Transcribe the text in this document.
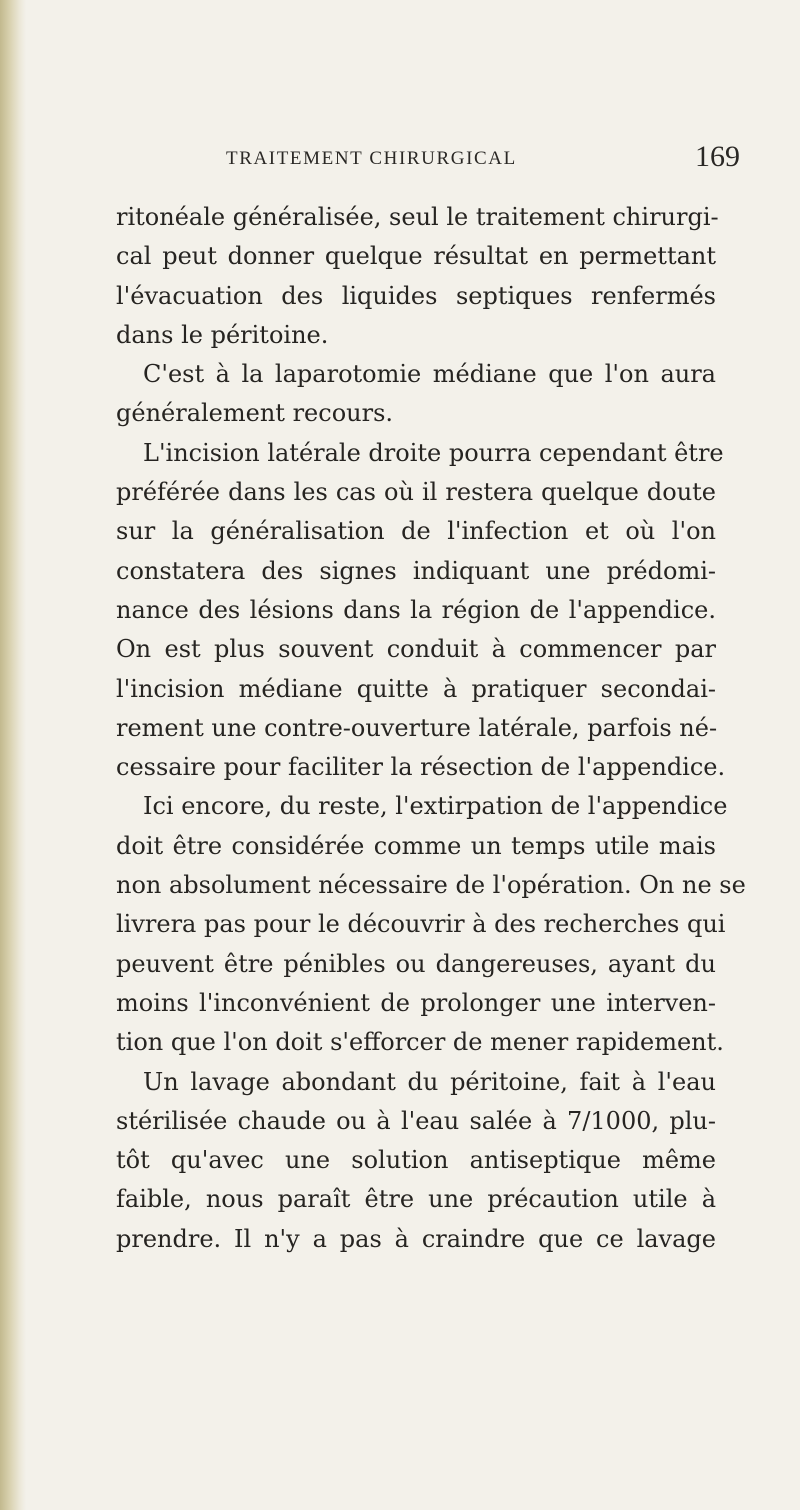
TRAITEMENT CHIRURGICAL	169
ritonéale généralisée, seul le traitement chirurgi-
cal peut donner quelque résultat en permettant
l'évacuation des liquides septiques renfermés
dans le péritoine.
C'est à la laparotomie médiane que l'on aura
généralement recours.
L'incision latérale droite pourra cependant être
préférée dans les cas où il restera quelque doute
sur la généralisation de l'infection et où l'on
constatera des signes indiquant une prédomi-
nance des lésions dans la région de l'appendice.
On est plus souvent conduit à commencer par
l'incision médiane quitte à pratiquer secondai-
rement une contre-ouverture latérale, parfois né-
cessaire pour faciliter la résection de l'appendice.
Ici encore, du reste, l'extirpation de l'appendice
doit être considérée comme un temps utile mais
non absolument nécessaire de l'opération. On ne se
livrera pas pour le découvrir à des recherches qui
peuvent être pénibles ou dangereuses, ayant du
moins l'inconvénient de prolonger une interven-
tion que l'on doit s'efforcer de mener rapidement.
Un lavage abondant du péritoine, fait à l'eau
stérilisée chaude ou à l'eau salée à 7/1000, plu-
tôt qu'avec une solution antiseptique même
faible, nous paraît être une précaution utile à
prendre. Il n'y a pas à craindre que ce lavage
